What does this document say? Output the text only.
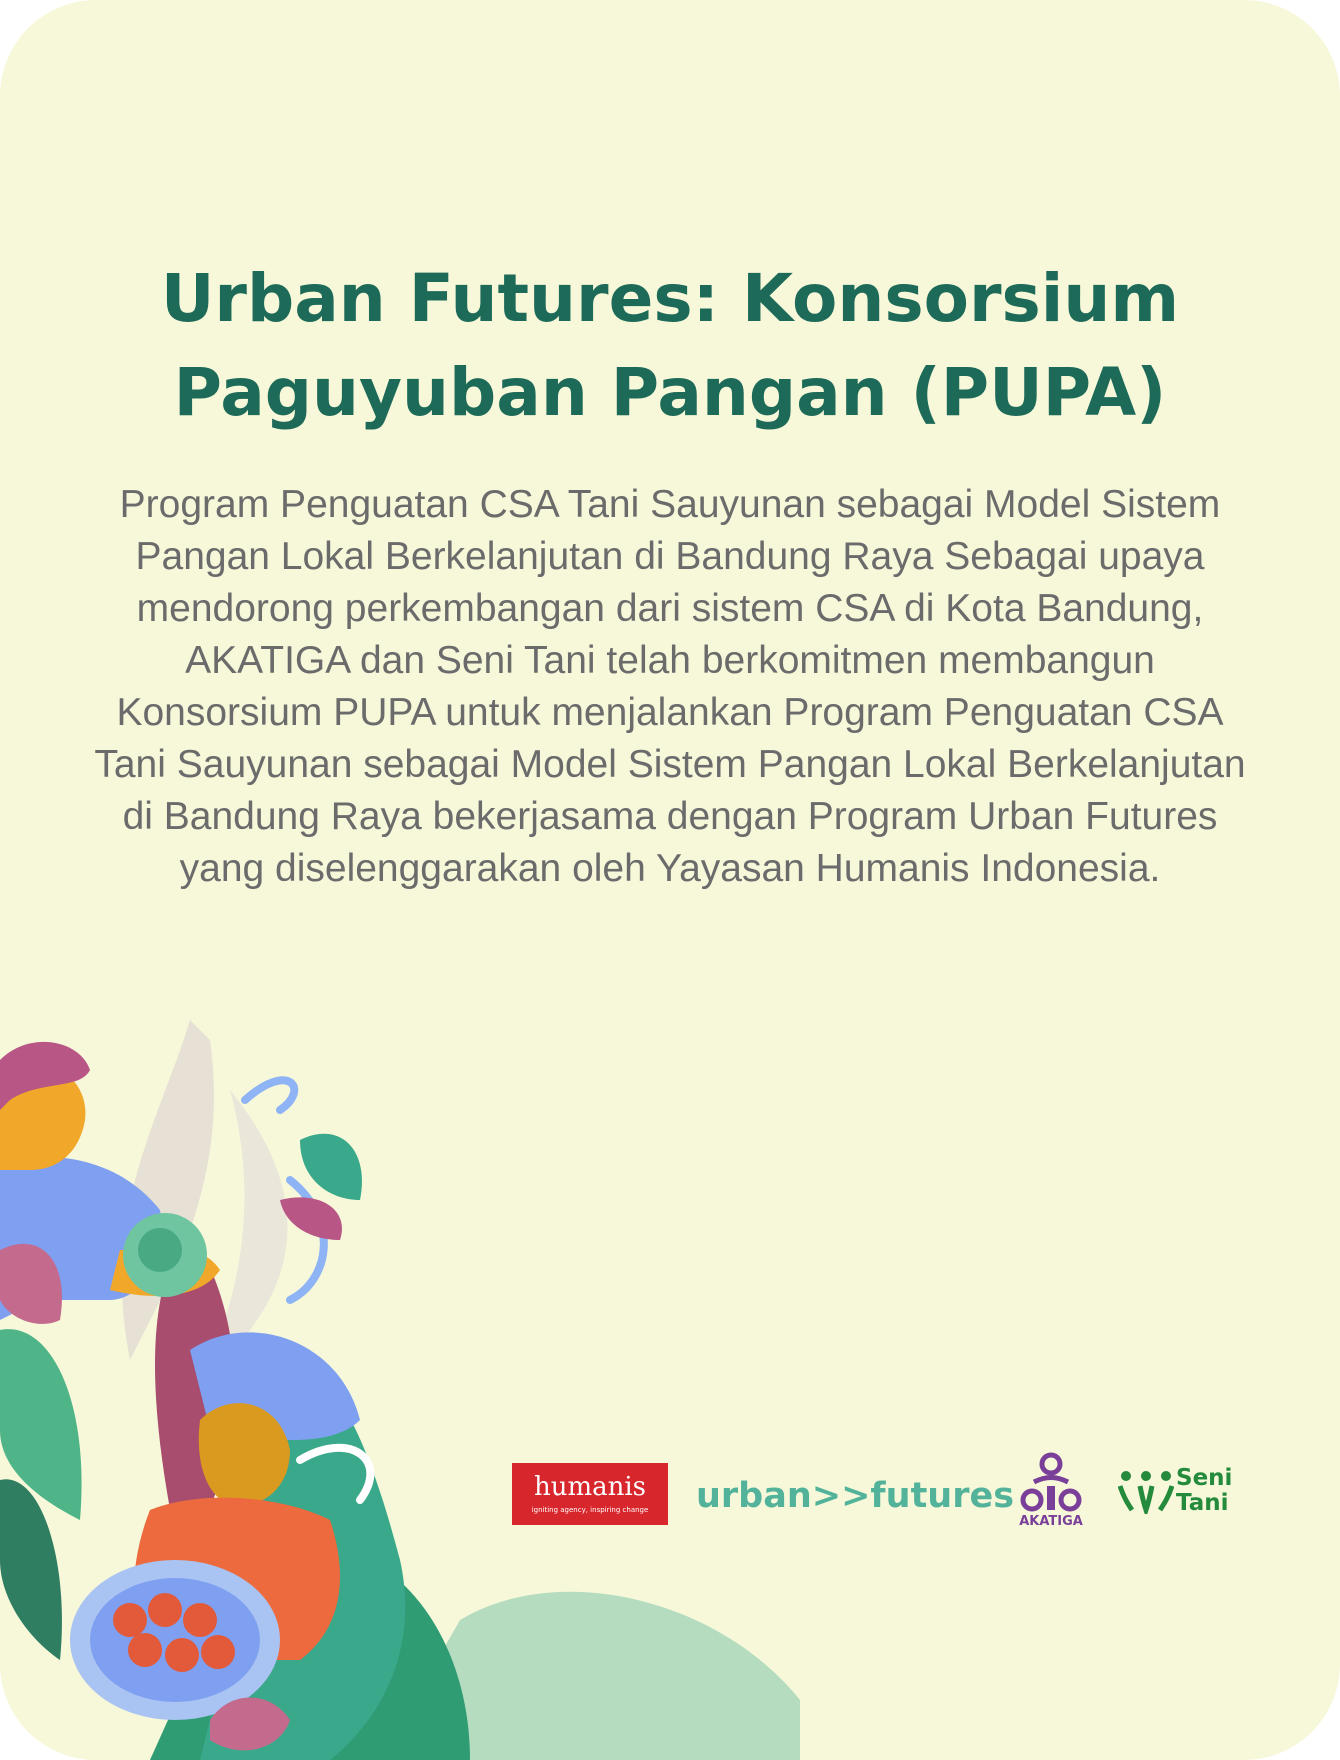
Urban Futures: Konsorsium
Paguyuban Pangan (PUPA)

Program Penguatan CSA Tani Sauyunan sebagai Model Sistem Pangan Lokal Berkelanjutan di Bandung Raya Sebagai upaya mendorong perkembangan dari sistem CSA di Kota Bandung, AKATIGA dan Seni Tani telah berkomitmen membangun Konsorsium PUPA untuk menjalankan Program Penguatan CSA Tani Sauyunan sebagai Model Sistem Pangan Lokal Berkelanjutan di Bandung Raya bekerjasama dengan Program Urban Futures yang diselenggarakan oleh Yayasan Humanis Indonesia.

humanis
igniting agency, inspiring change	urban>>futures
AKATIGA
Seni
Tani
